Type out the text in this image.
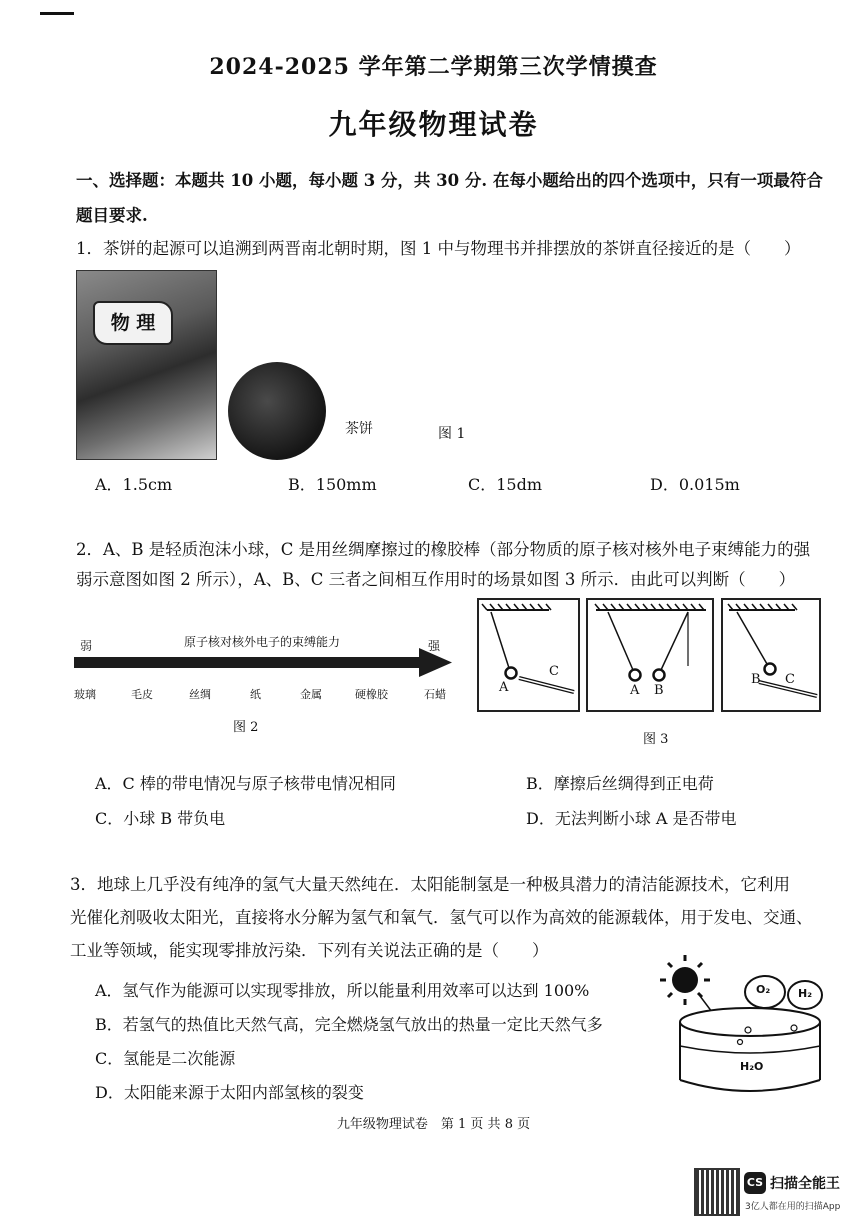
2024-2025 学年第二学期第三次学情摸查
九年级物理试卷
一、选择题：本题共 10 小题，每小题 3 分，共 30 分. 在每小题给出的四个选项中，只有一项最符合
题目要求.
1．茶饼的起源可以追溯到两晋南北朝时期，图 1 中与物理书并排摆放的茶饼直径接近的是（　　）
物 理
茶饼	图 1
A．1.5cm	B．150mm	C．15dm	D．0.015m
2．A、B 是轻质泡沫小球，C 是用丝绸摩擦过的橡胶棒（部分物质的原子核对核外电子束缚能力的强
弱示意图如图 2 所示），A、B、C 三者之间相互作用时的场景如图 3 所示．由此可以判断（　　）
弱	强
原子核对核外电子的束缚能力
玻璃	毛皮	丝绸	纸	金属	硬橡胶	石蜡
图 2
A
C
A B
B C
图 3
A．C 棒的带电情况与原子核带电情况相同	B．摩擦后丝绸得到正电荷
C．小球 B 带负电	D．无法判断小球 A 是否带电
3．地球上几乎没有纯净的氢气大量天然纯在．太阳能制氢是一种极具潜力的清洁能源技术，它利用
光催化剂吸收太阳光，直接将水分解为氢气和氧气．氢气可以作为高效的能源载体，用于发电、交通、
工业等领域，能实现零排放污染．下列有关说法正确的是（　　）
A．氢气作为能源可以实现零排放，所以能量利用效率可以达到 100%
B．若氢气的热值比天然气高，完全燃烧氢气放出的热量一定比天然气多
C．氢能是二次能源
D．太阳能来源于太阳内部氢核的裂变
O₂	H₂
H₂O
九年级物理试卷　第 1 页 共 8 页
CS 扫描全能王
3亿人都在用的扫描App
